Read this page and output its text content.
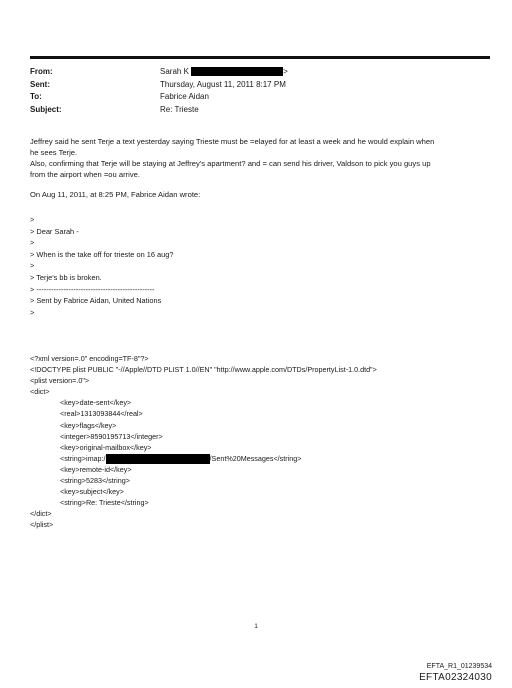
From:	Sarah K	>
Sent:	Thursday, August 11, 2011 8:17 PM
To:	Fabrice Aidan
Subject:	Re: Trieste

Jeffrey said he sent Terje a text yesterday saying Trieste must be =elayed for at least a week and he would explain when

he sees Terje.

Also, confirming that Terje will be staying at Jeffrey's apartment? and = can send his driver, Valdson to pick you guys up

from the airport when =ou arrive.

On Aug 11, 2011, at 8:25 PM, Fabrice Aidan wrote:

>
> Dear Sarah -
>
> When is the take off for trieste on 16 aug?
>
> Terje's bb is broken.
> ------------------------------------------------
> Sent by Fabrice Aidan, United Nations
>
<?xml version=.0" encoding=TF-8"?>
<!DOCTYPE plist PUBLIC "-//Apple//DTD PLIST 1.0//EN" "http://www.apple.com/DTDs/PropertyList-1.0.dtd">
<plist version=.0">
<dict>
<key>date-sent</key>
<real>1313093844</real>
<key>flags</key>
<integer>8590195713</integer>
<key>original-mailbox</key>
<string>imap:/	/Sent%20Messages</string>
<key>remote-id</key>
<string>5283</string>
<key>subject</key>
<string>Re: Trieste</string>
</dict>
</plist>
1
EFTA_R1_01239534
EFTA02324030
